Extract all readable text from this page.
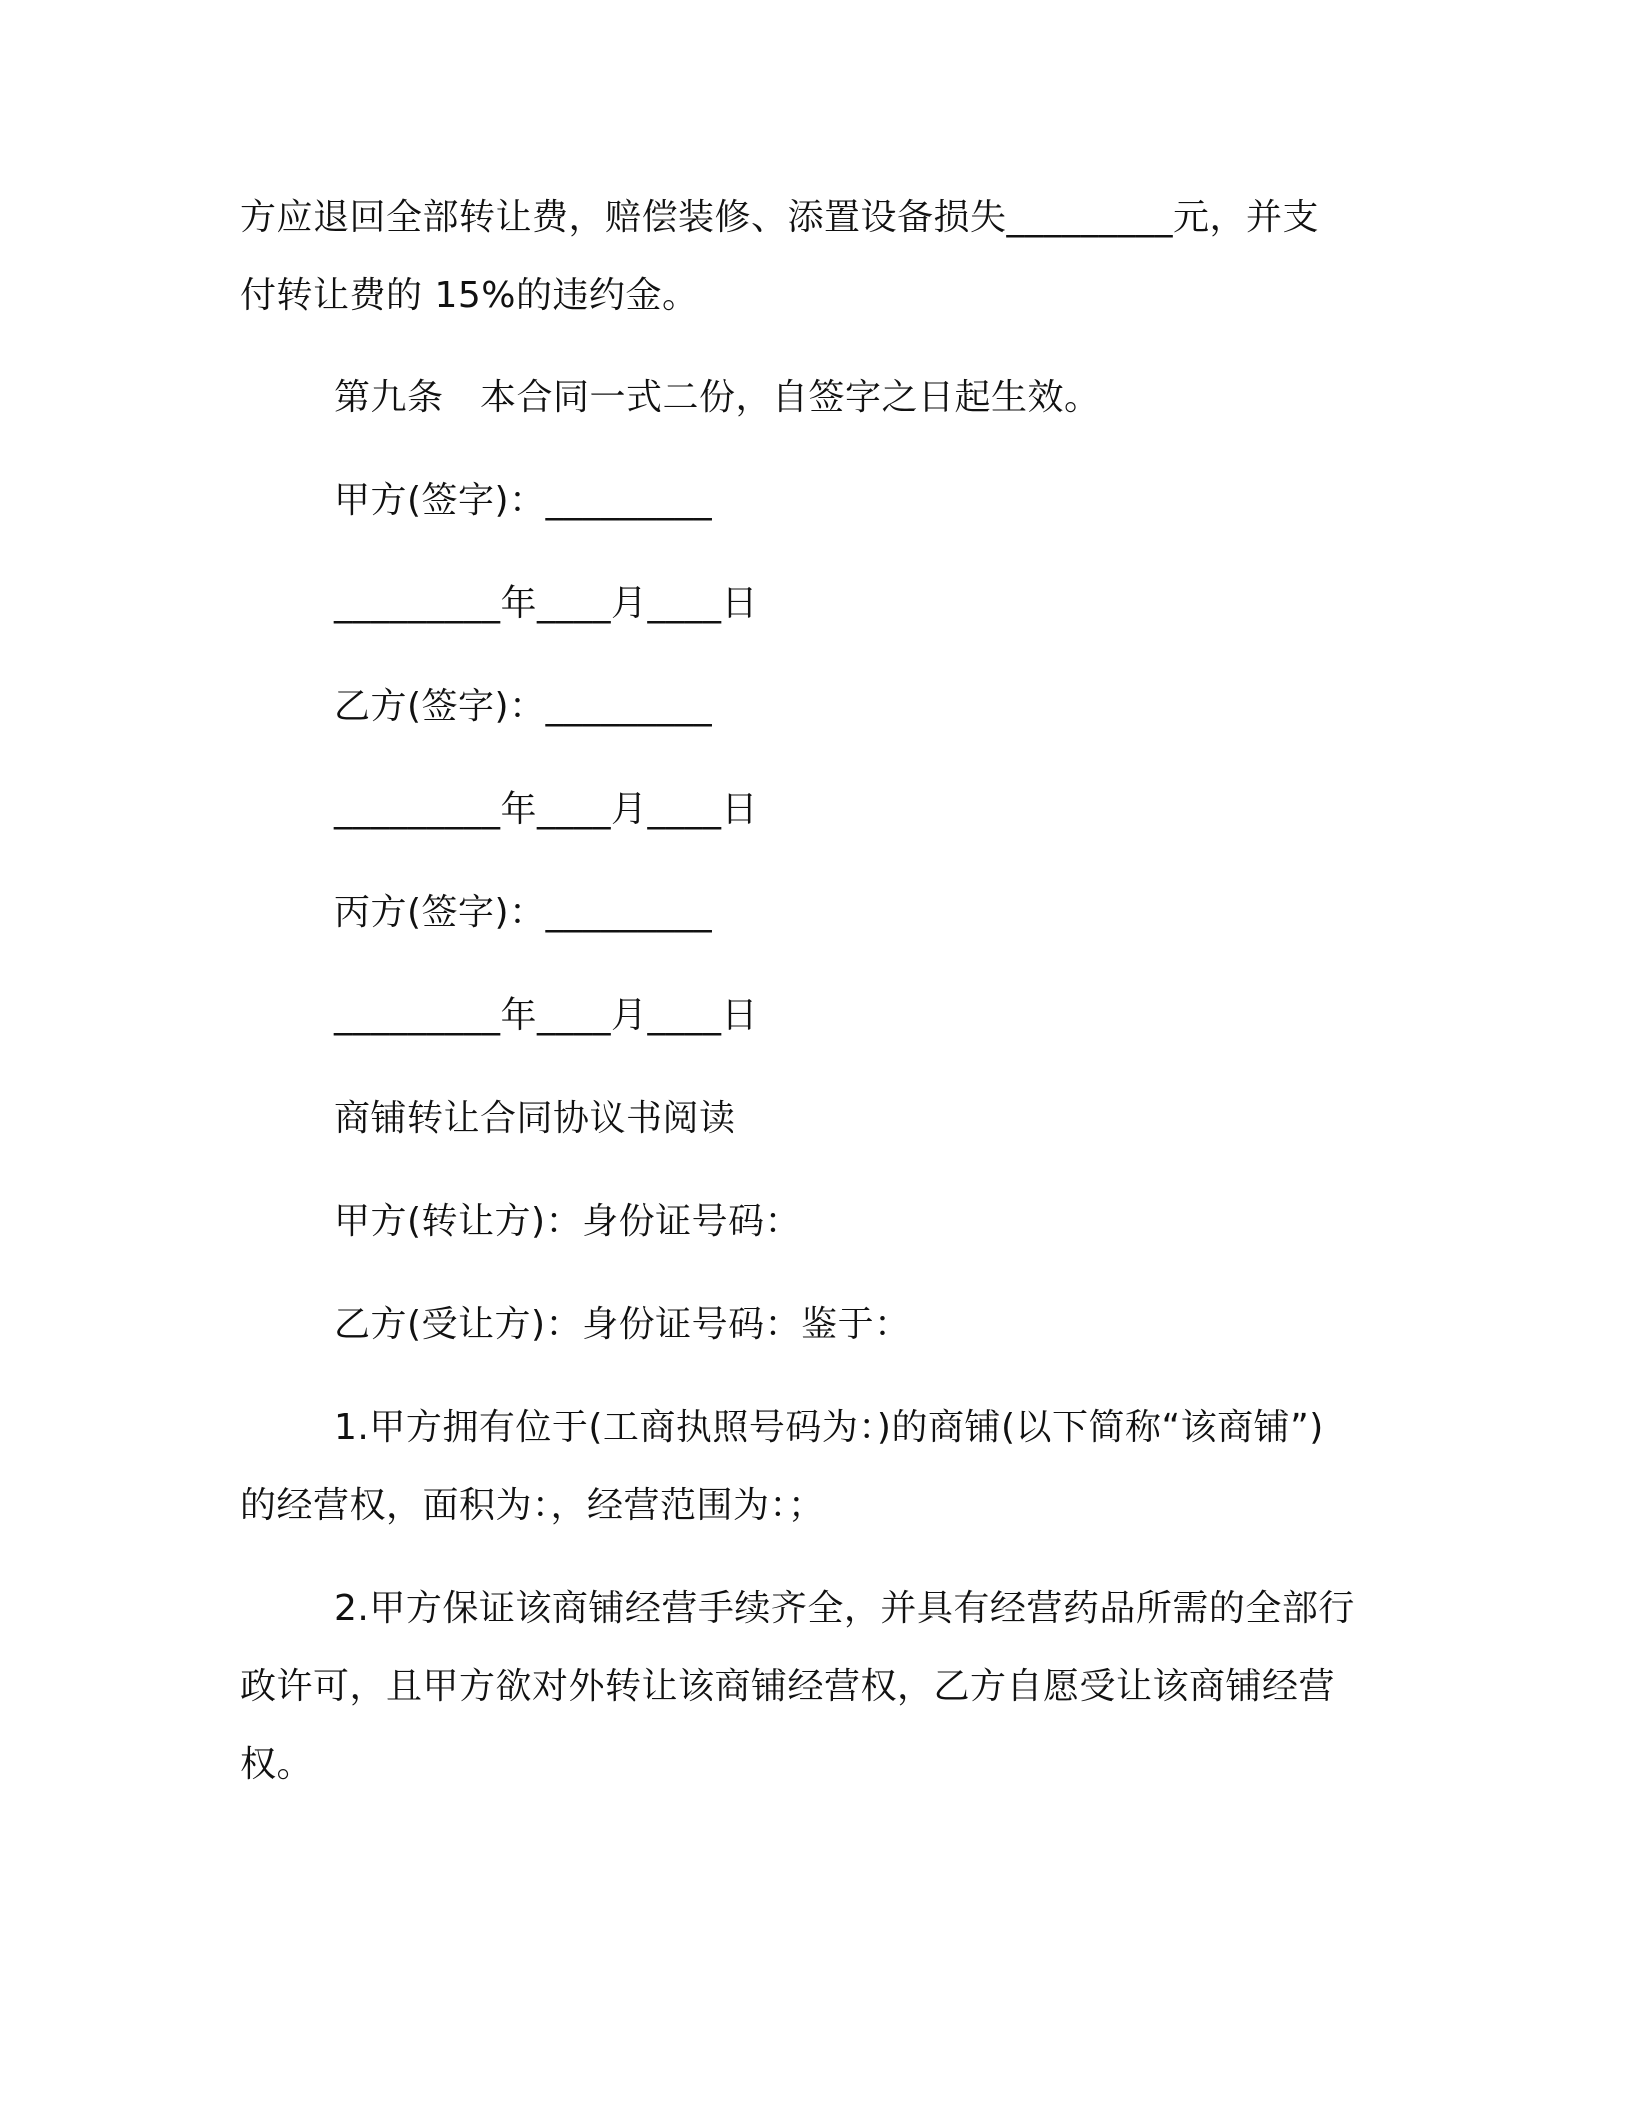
方应退回全部转让费，赔偿装修、添置设备损失_________元，并支
付转让费的 15%的违约金。
第九条　本合同一式二份，自签字之日起生效。
甲方(签字)：_________
_________年____月____日
乙方(签字)：_________
_________年____月____日
丙方(签字)：_________
_________年____月____日
商铺转让合同协议书阅读
甲方(转让方)：身份证号码：
乙方(受让方)：身份证号码：鉴于：
1.甲方拥有位于(工商执照号码为：)的商铺(以下简称“该商铺”)
的经营权，面积为：，经营范围为：；
2.甲方保证该商铺经营手续齐全，并具有经营药品所需的全部行
政许可，且甲方欲对外转让该商铺经营权，乙方自愿受让该商铺经营
权。
